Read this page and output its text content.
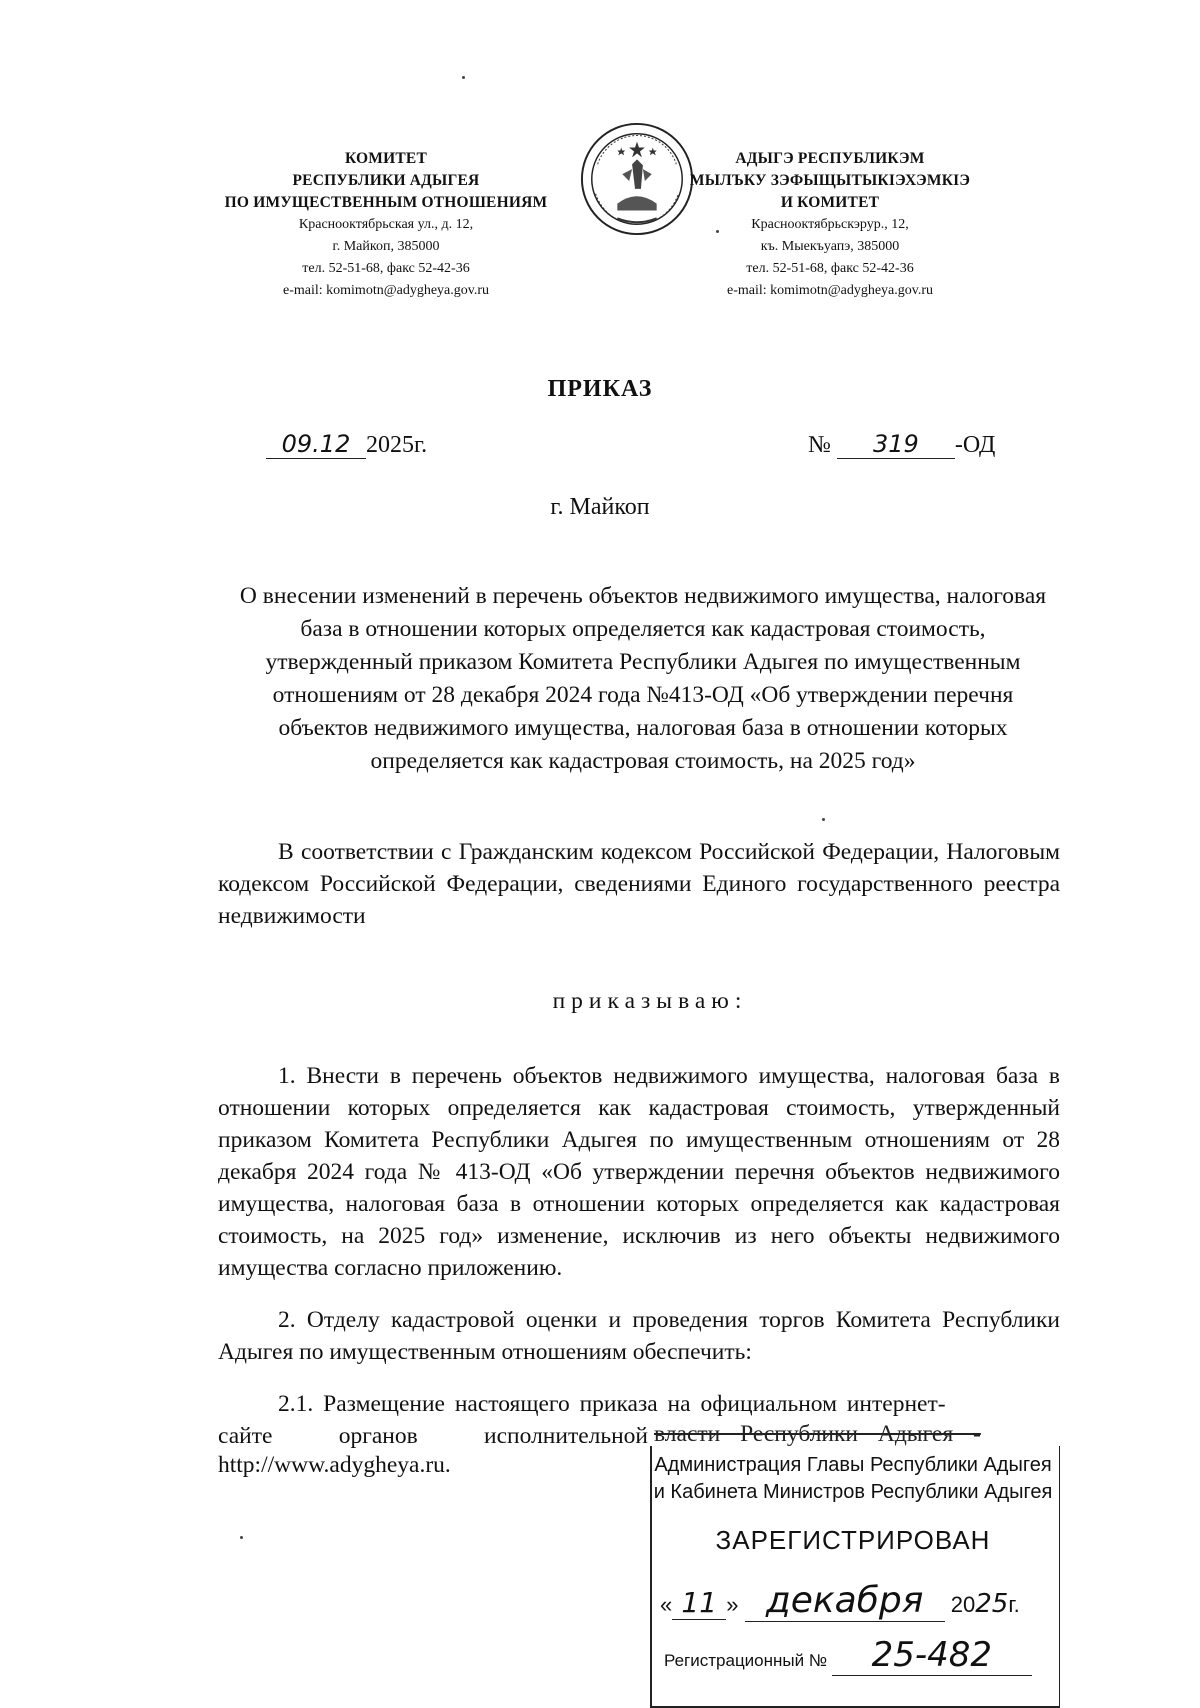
КОМИТЕТ
РЕСПУБЛИКИ АДЫГЕЯ
ПО ИМУЩЕСТВЕННЫМ ОТНОШЕНИЯМ
Краснооктябрьская ул., д. 12,
г. Майкоп, 385000
тел. 52-51-68, факс 52-42-36
e-mail: komimotn@adygheya.gov.ru
АДЫГЭ РЕСПУБЛИКЭМ
МЫЛЪКУ ЗЭФЫЩЫТЫКІЭХЭМКІЭ
И КОМИТЕТ
Краснооктябрьскэрур., 12,
къ. Мыекъуапэ, 385000
тел. 52-51-68, факс 52-42-36
e-mail: komimotn@adygheya.gov.ru
ПРИКАЗ
09.12 2025г.	№ 319 -ОД
г. Майкоп
О внесении изменений в перечень объектов недвижимого имущества, налоговая база в отношении которых определяется как кадастровая стоимость, утвержденный приказом Комитета Республики Адыгея по имущественным отношениям от 28 декабря 2024 года №413-ОД «Об утверждении перечня объектов недвижимого имущества, налоговая база в отношении которых определяется как кадастровая стоимость, на 2025 год»
В соответствии с Гражданским кодексом Российской Федерации, Налоговым кодексом Российской Федерации, сведениями Единого государственного реестра недвижимости
приказываю:
1. Внести в перечень объектов недвижимого имущества, налоговая база в отношении которых определяется как кадастровая стоимость, утвержденный приказом Комитета Республики Адыгея по имущественным отношениям от 28 декабря 2024 года № 413-ОД «Об утверждении перечня объектов недвижимого имущества, налоговая база в отношении которых определяется как кадастровая стоимость, на 2025 год» изменение, исключив из него объекты недвижимого имущества согласно приложению.
2. Отделу кадастровой оценки и проведения торгов Комитета Республики Адыгея по имущественным отношениям обеспечить:
2.1. Размещение настоящего приказа на официальном интернет-
сайте органов исполнительной власти Республики Адыгея -
http://www.adygheya.ru.	Администрация Главы Республики Адыгея
и Кабинета Министров Республики Адыгея
ЗАРЕГИСТРИРОВАН
« 11 » декабря 2025г.
Регистрационный № 25-482
